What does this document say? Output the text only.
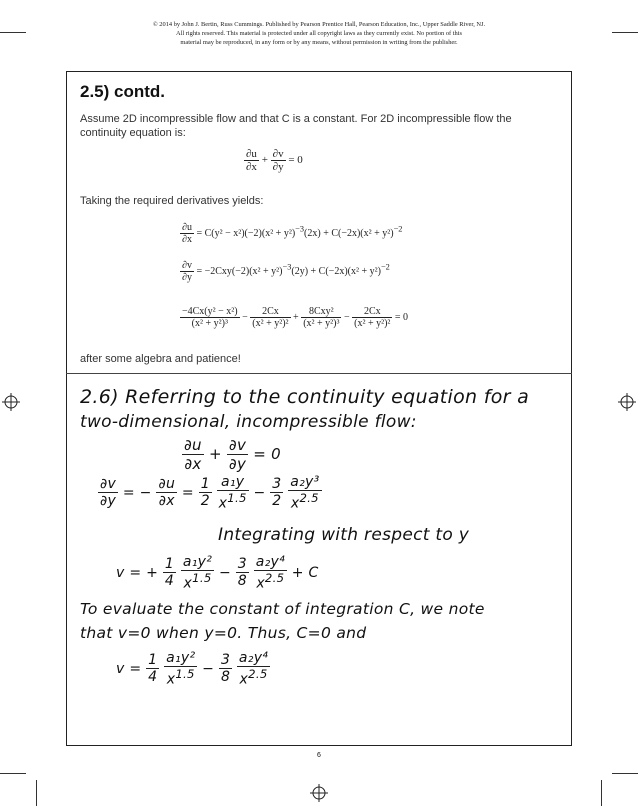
© 2014 by John J. Bertin, Russ Cummings. Published by Pearson Prentice Hall, Pearson Education, Inc., Upper Saddle River, NJ.
All rights reserved. This material is protected under all copyright laws as they currently exist. No portion of this
material may be reproduced, in any form or by any means, without permission in writing from the publisher.
2.5) contd.
Assume 2D incompressible flow and that C is a constant. For 2D incompressible flow the
continuity equation is:
$\frac{\partial u}{\partial x} + \frac{\partial v}{\partial y} = 0$
Taking the required derivatives yields:
$\frac{\partial u}{\partial x} = C(y^2 - x^2)(-2)(x^2 + y^2)^{-3}(2x) + C(-2x)(x^2 + y^2)^{-2}$
$\frac{\partial v}{\partial y} = -2Cxy(-2)(x^2 + y^2)^{-3}(2y) + C(-2x)(x^2 + y^2)^{-2}$
$\frac{\text{−4Cx(y² − x²)}}{\text{(x² + y²)³}} - \frac{2Cx}{\text{(x² + y²)²}} + \frac{\text{8Cxy²}}{\text{(x² + y²)³}} - \frac{2Cx}{\text{(x² + y²)²}} = 0$
after some algebra and patience!
2.6) Referring to the continuity equation for a
two-dimensional, incompressible flow:
$\frac{\partial u}{\partial x} + \frac{\partial v}{\partial y} = 0$
$\frac{\partial v}{\partial y}$ = − $\frac{\partial u}{\partial x} = \frac{1}{2}$
$\frac{\text{a₁y}}{x^{1.5}} - \frac{3}{2}$
$\frac{\text{a₂y³}}{x^{2.5}}$
Integrating with respect to y
v = + $\frac{1}{4}$
$\frac{\text{a₁y²}}{x^{1.5}} - \frac{3}{8}$
$\frac{\text{a₂y⁴}}{x^{2.5}} + C$
To evaluate the constant of integration C, we note
that v=0 when y=0. Thus, C=0 and
$v = \frac{1}{4}$
$\frac{\text{a₁y²}}{x^{1.5}} - \frac{3}{8}$
$\frac{\text{a₂y⁴}}{x^{2.5}}$
6
